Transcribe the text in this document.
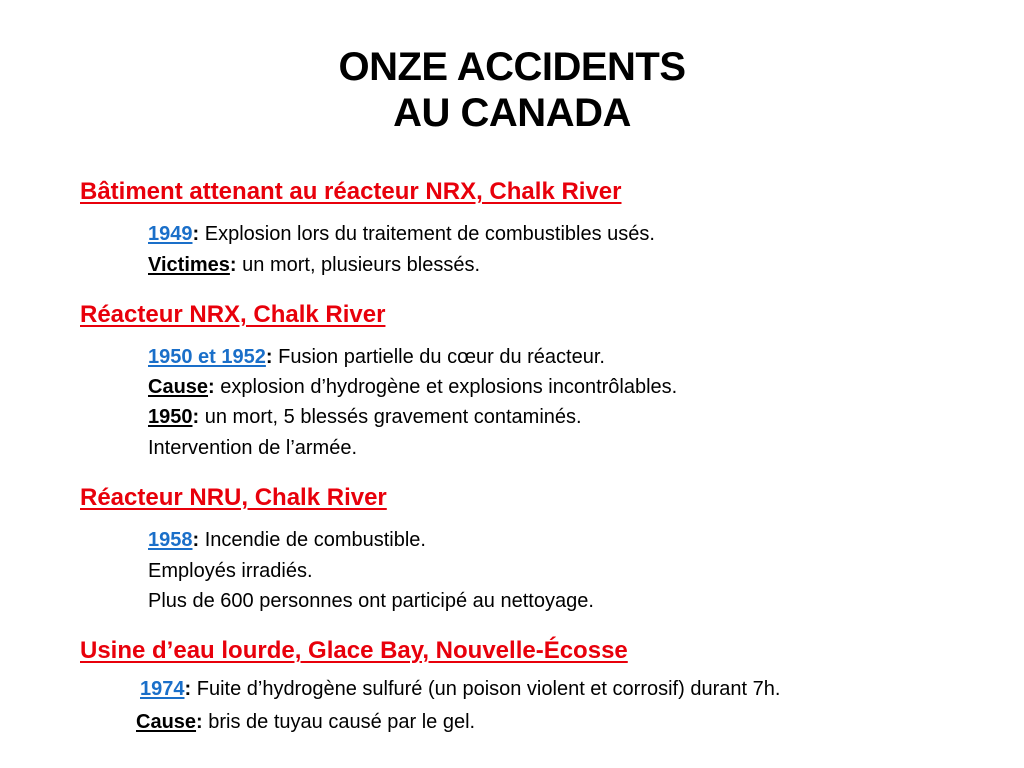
ONZE ACCIDENTS
AU CANADA
Bâtiment attenant au réacteur NRX, Chalk River
1949: Explosion lors du traitement de combustibles usés.
Victimes: un mort, plusieurs blessés.
Réacteur NRX, Chalk River
1950 et 1952: Fusion partielle du cœur du réacteur.
Cause: explosion d’hydrogène et explosions incontrôlables.
1950: un mort, 5 blessés gravement contaminés.
Intervention de l’armée.
Réacteur NRU, Chalk River
1958: Incendie de combustible.
Employés irradiés.
Plus de 600 personnes ont participé au nettoyage.
Usine d’eau lourde, Glace Bay, Nouvelle-Écosse
1974: Fuite d’hydrogène sulfuré (un poison violent et corrosif) durant 7h.
Cause: bris de tuyau causé par le gel.
